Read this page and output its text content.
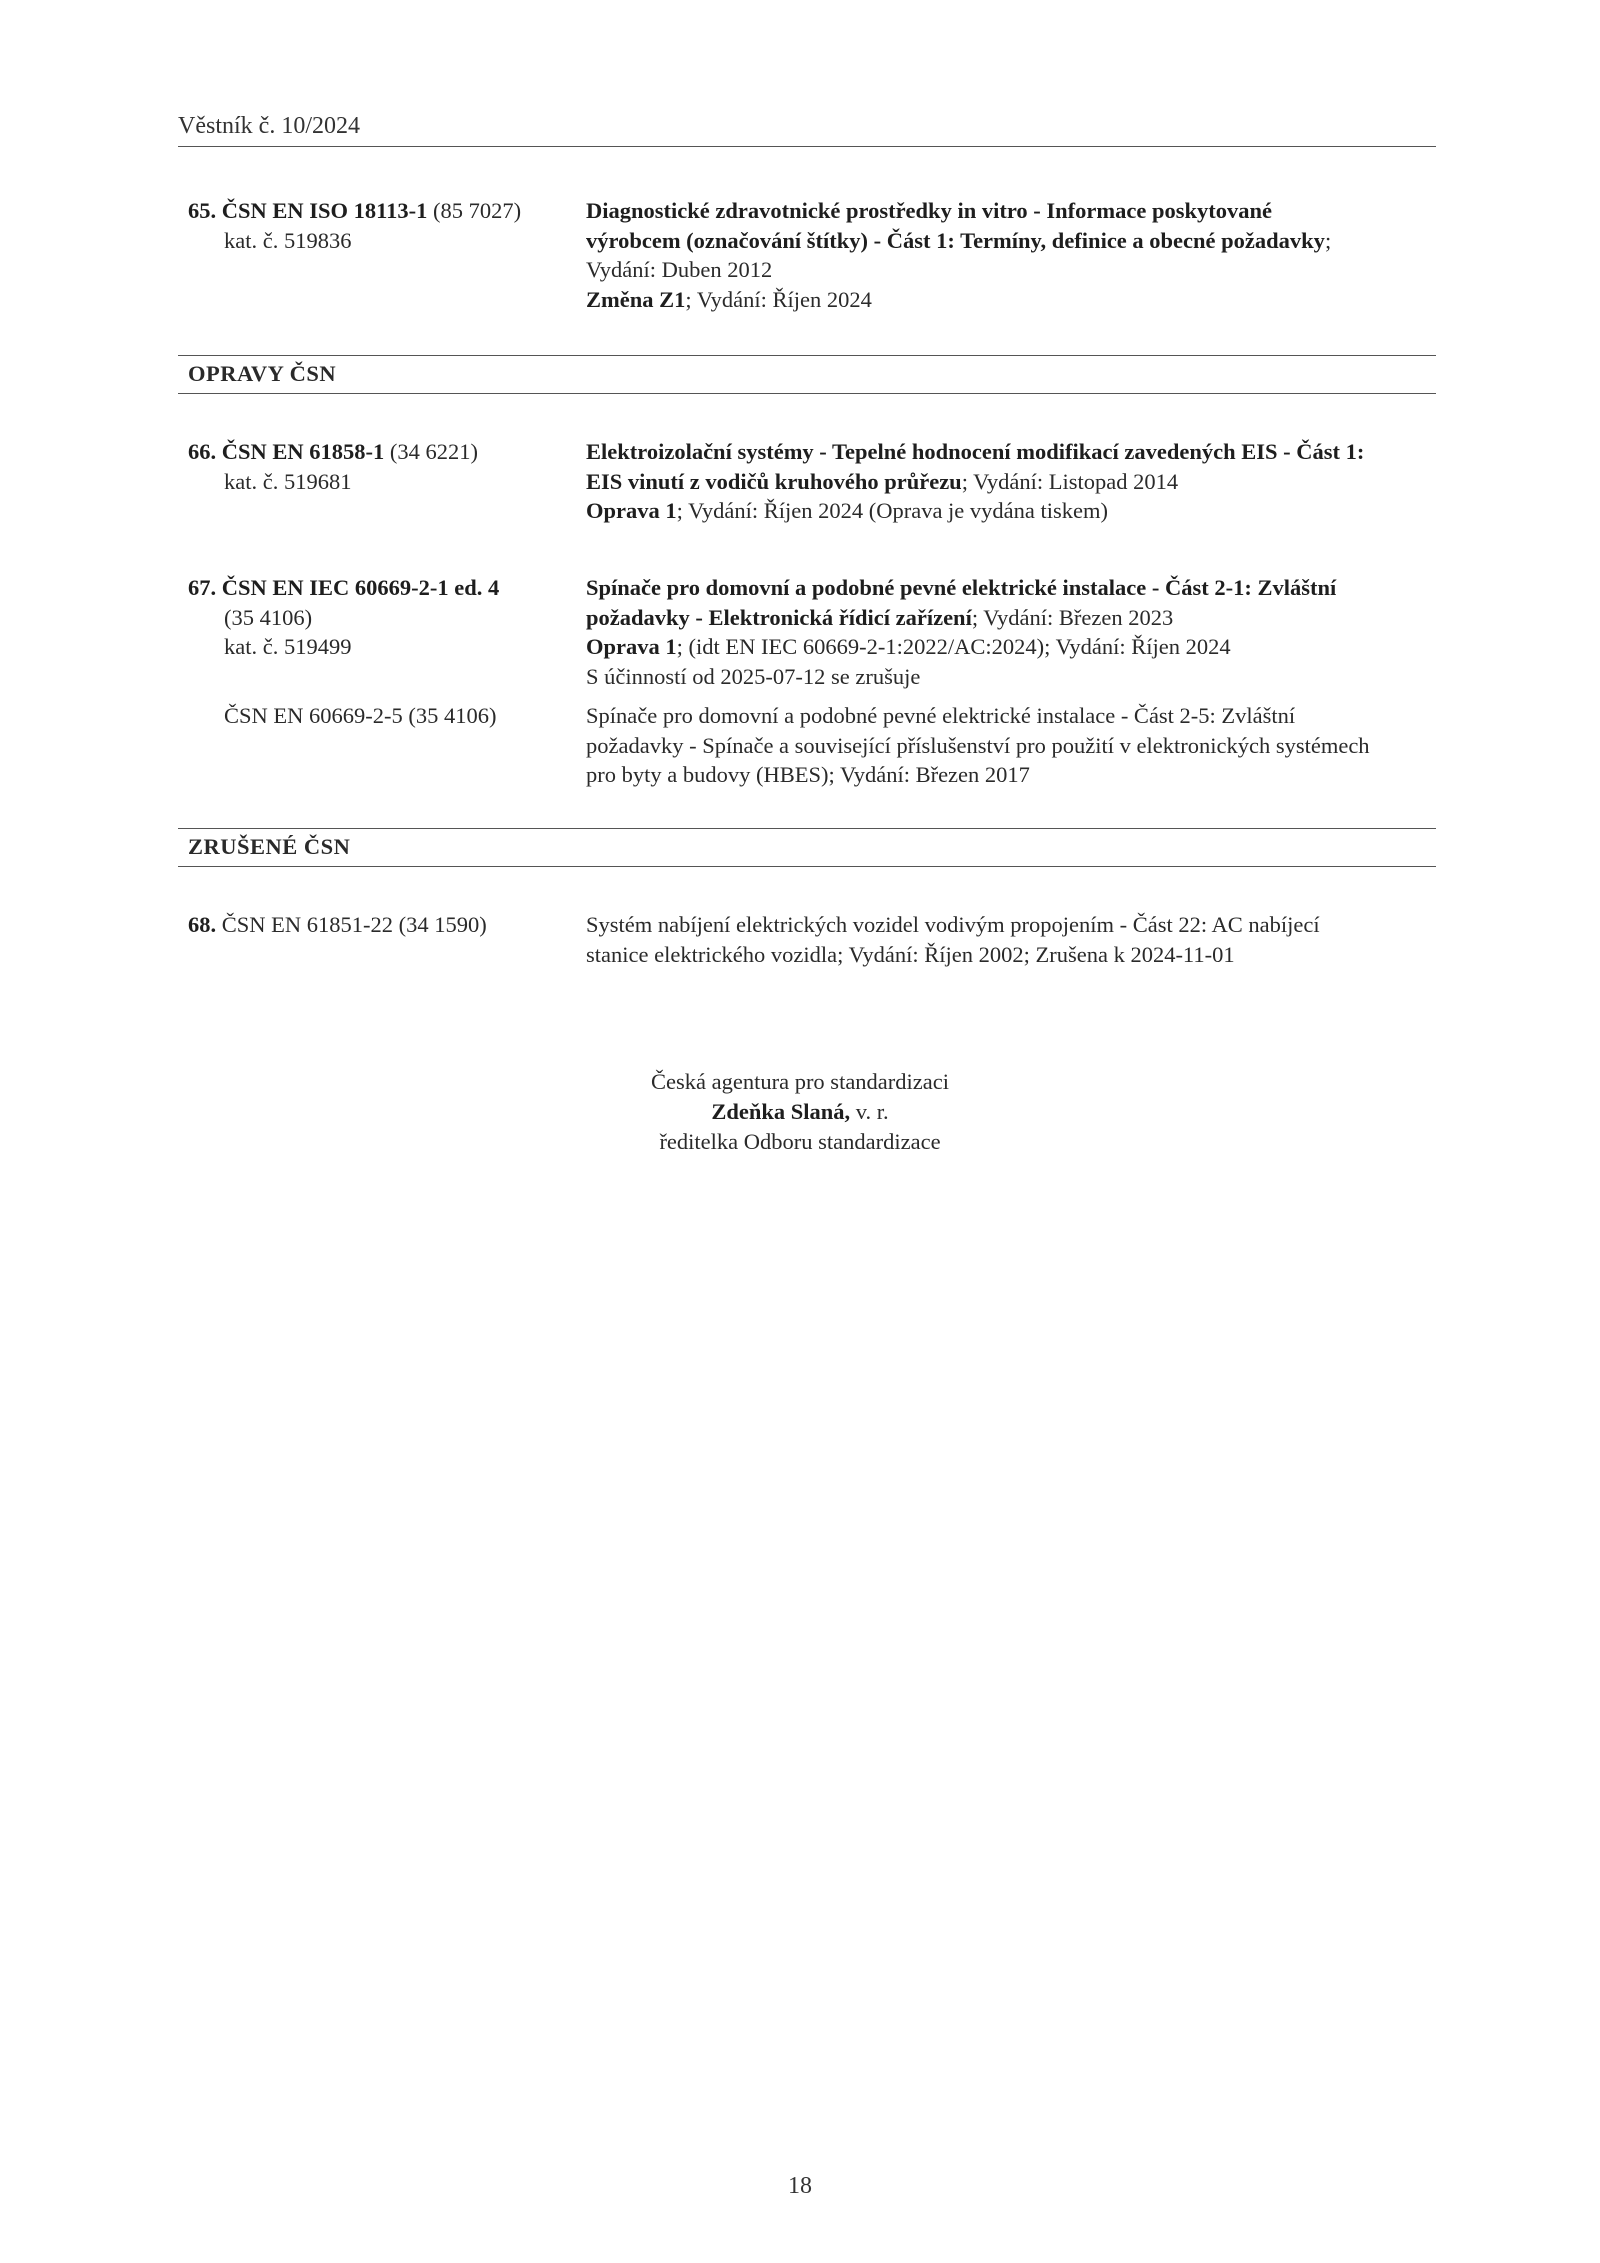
Věstník č. 10/2024
65. ČSN EN ISO 18113-1 (85 7027)
kat. č. 519836
Diagnostické zdravotnické prostředky in vitro - Informace poskytované
výrobcem (označování štítky) - Část 1: Termíny, definice a obecné požadavky;
Vydání: Duben 2012
Změna Z1; Vydání: Říjen 2024
OPRAVY ČSN
66. ČSN EN 61858-1 (34 6221)
kat. č. 519681
Elektroizolační systémy - Tepelné hodnocení modifikací zavedených EIS - Část 1:
EIS vinutí z vodičů kruhového průřezu; Vydání: Listopad 2014
Oprava 1; Vydání: Říjen 2024 (Oprava je vydána tiskem)
67. ČSN EN IEC 60669-2-1 ed. 4
(35 4106)
kat. č. 519499
Spínače pro domovní a podobné pevné elektrické instalace - Část 2-1: Zvláštní
požadavky - Elektronická řídicí zařízení; Vydání: Březen 2023
Oprava 1; (idt EN IEC 60669-2-1:2022/AC:2024); Vydání: Říjen 2024
S účinností od 2025-07-12 se zrušuje
ČSN EN 60669-2-5 (35 4106)	Spínače pro domovní a podobné pevné elektrické instalace - Část 2-5: Zvláštní
požadavky - Spínače a související příslušenství pro použití v elektronických systémech
pro byty a budovy (HBES); Vydání: Březen 2017
ZRUŠENÉ ČSN
68. ČSN EN 61851-22 (34 1590)	Systém nabíjení elektrických vozidel vodivým propojením - Část 22: AC nabíjecí
stanice elektrického vozidla; Vydání: Říjen 2002; Zrušena k 2024-11-01
Česká agentura pro standardizaci
Zdeňka Slaná, v. r.
ředitelka Odboru standardizace
18
